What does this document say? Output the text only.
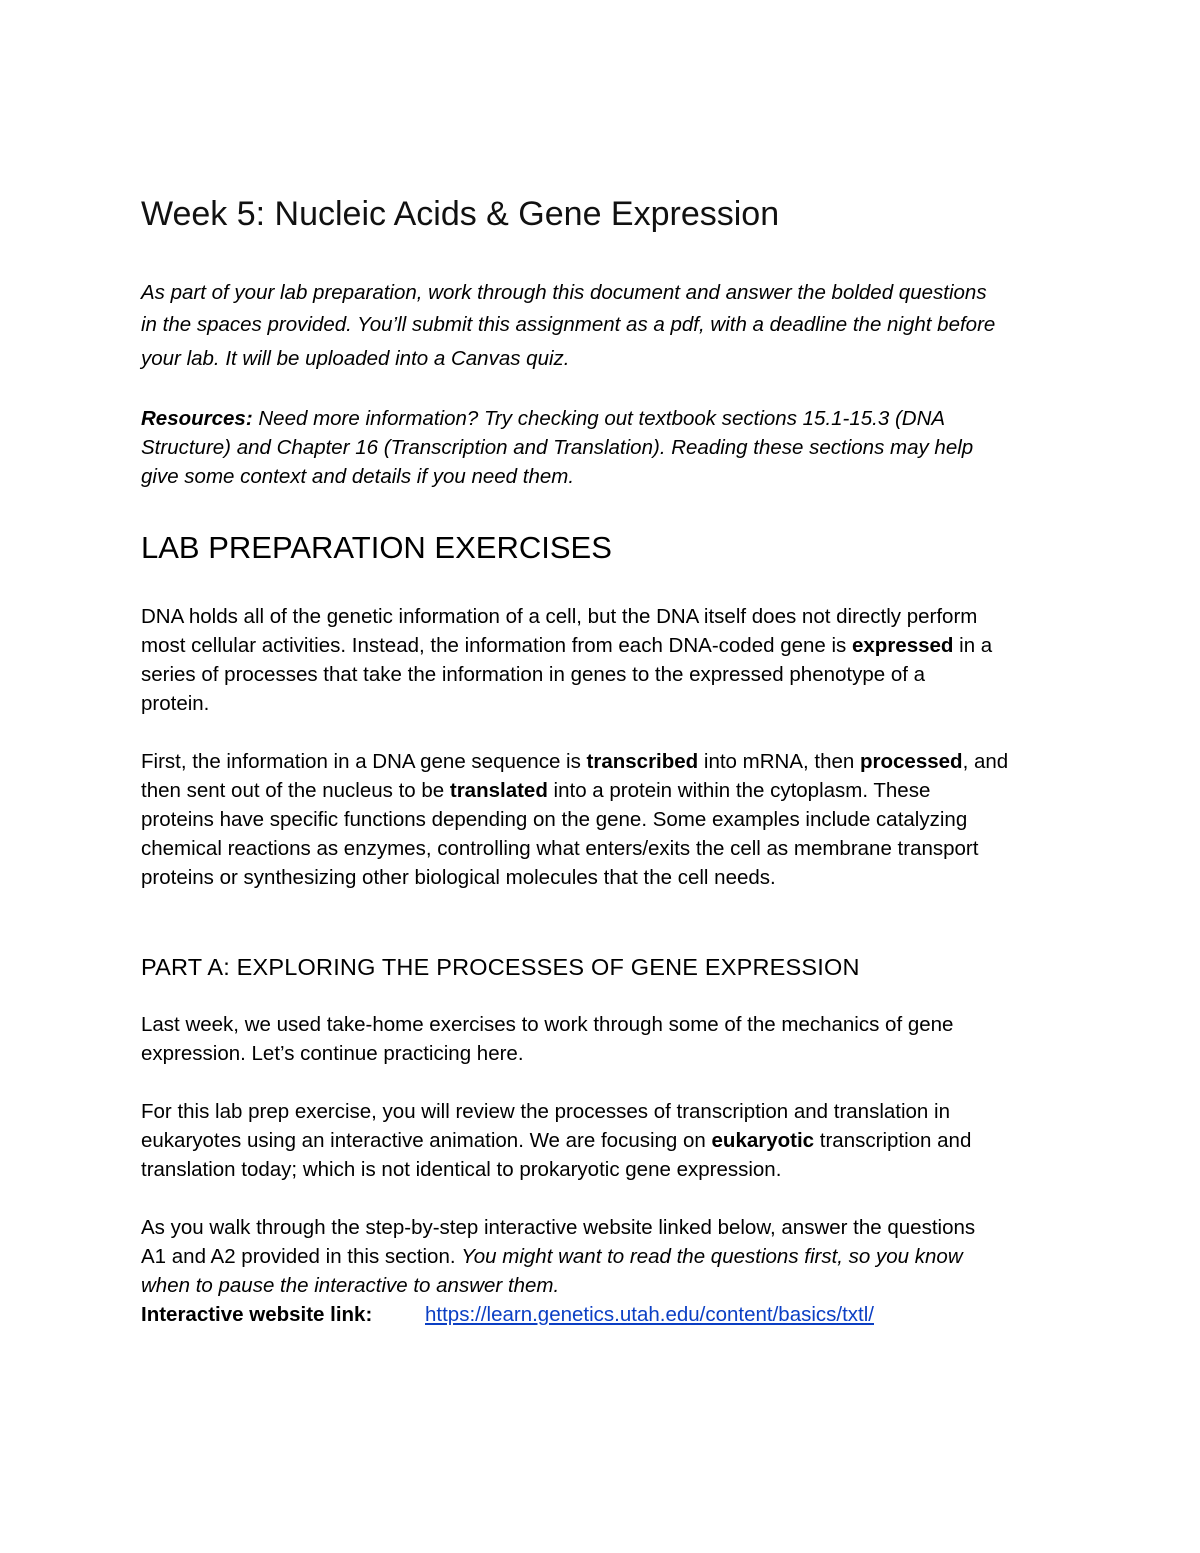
Week 5: Nucleic Acids & Gene Expression
As part of your lab preparation, work through this document and answer the bolded questions
in the spaces provided. You’ll submit this assignment as a pdf, with a deadline the night before
your lab. It will be uploaded into a Canvas quiz.
Resources: Need more information? Try checking out textbook sections 15.1-15.3 (DNA
Structure) and Chapter 16 (Transcription and Translation). Reading these sections may help
give some context and details if you need them.
LAB PREPARATION EXERCISES
DNA holds all of the genetic information of a cell, but the DNA itself does not directly perform
most cellular activities. Instead, the information from each DNA-coded gene is expressed in a
series of processes that take the information in genes to the expressed phenotype of a
protein.
First, the information in a DNA gene sequence is transcribed into mRNA, then processed, and
then sent out of the nucleus to be translated into a protein within the cytoplasm. These
proteins have specific functions depending on the gene. Some examples include catalyzing
chemical reactions as enzymes, controlling what enters/exits the cell as membrane transport
proteins or synthesizing other biological molecules that the cell needs.
PART A: EXPLORING THE PROCESSES OF GENE EXPRESSION
Last week, we used take-home exercises to work through some of the mechanics of gene
expression. Let’s continue practicing here.
For this lab prep exercise, you will review the processes of transcription and translation in
eukaryotes using an interactive animation. We are focusing on eukaryotic transcription and
translation today; which is not identical to prokaryotic gene expression.
As you walk through the step-by-step interactive website linked below, answer the questions
A1 and A2 provided in this section. You might want to read the questions first, so you know
when to pause the interactive to answer them.
Interactive website link:	https://learn.genetics.utah.edu/content/basics/txtl/
